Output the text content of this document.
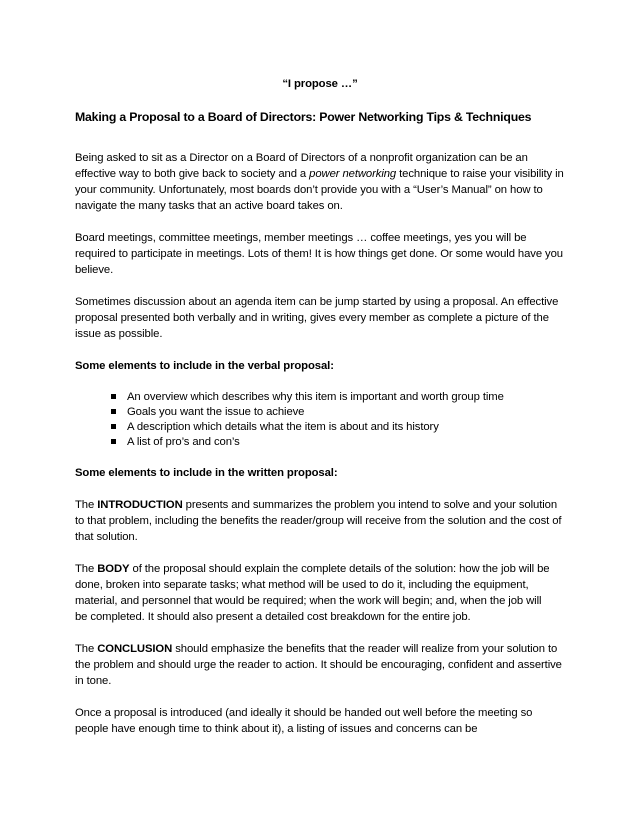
“I propose …”
Making a Proposal to a Board of Directors: Power Networking Tips & Techniques

Being asked to sit as a Director on a Board of Directors of a nonprofit organization can be an effective way to both give back to society and a power networking technique to raise your visibility in your community. Unfortunately, most boards don’t provide you with a “User’s Manual” on how to navigate the many tasks that an active board takes on.

Board meetings, committee meetings, member meetings … coffee meetings, yes you will be required to participate in meetings. Lots of them! It is how things get done. Or some would have you believe.

Sometimes discussion about an agenda item can be jump started by using a proposal. An effective proposal presented both verbally and in writing, gives every member as complete a picture of the issue as possible.

Some elements to include in the verbal proposal:
An overview which describes why this item is important and worth group time
Goals you want the issue to achieve
A description which details what the item is about and its history
A list of pro’s and con’s
Some elements to include in the written proposal:

The INTRODUCTION presents and summarizes the problem you intend to solve and your solution to that problem, including the benefits the reader/group will receive from the solution and the cost of that solution.

The BODY of the proposal should explain the complete details of the solution: how the job will be done, broken into separate tasks; what method will be used to do it, including the equipment, material, and personnel that would be required; when the work will begin; and, when the job will
be completed. It should also present a detailed cost breakdown for the entire job.

The CONCLUSION should emphasize the benefits that the reader will realize from your solution to the problem and should urge the reader to action. It should be encouraging, confident and assertive in tone.

Once a proposal is introduced (and ideally it should be handed out well before the meeting so people have enough time to think about it), a listing of issues and concerns can be
